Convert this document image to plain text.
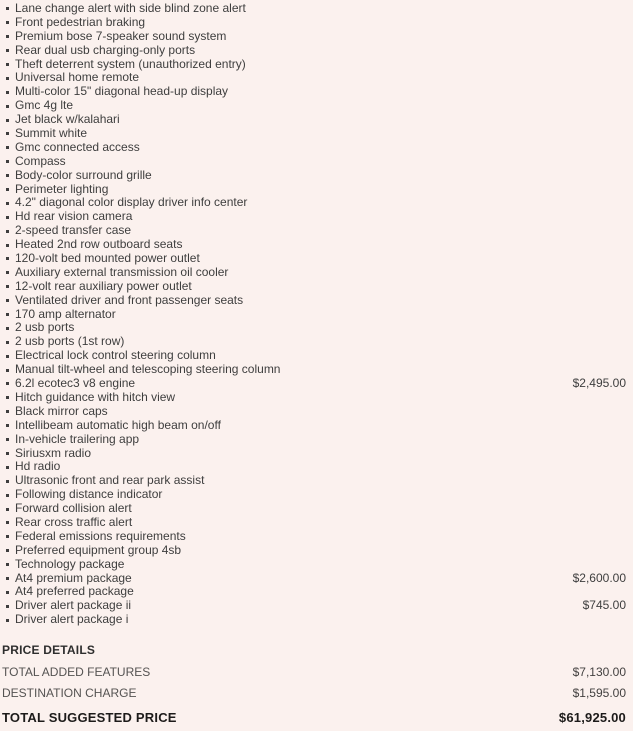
Lane change alert with side blind zone alert
Front pedestrian braking
Premium bose 7-speaker sound system
Rear dual usb charging-only ports
Theft deterrent system (unauthorized entry)
Universal home remote
Multi-color 15" diagonal head-up display
Gmc 4g lte
Jet black w/kalahari
Summit white
Gmc connected access
Compass
Body-color surround grille
Perimeter lighting
4.2" diagonal color display driver info center
Hd rear vision camera
2-speed transfer case
Heated 2nd row outboard seats
120-volt bed mounted power outlet
Auxiliary external transmission oil cooler
12-volt rear auxiliary power outlet
Ventilated driver and front passenger seats
170 amp alternator
2 usb ports
2 usb ports (1st row)
Electrical lock control steering column
Manual tilt-wheel and telescoping steering column
6.2l ecotec3 v8 engine	$2,495.00
Hitch guidance with hitch view
Black mirror caps
Intellibeam automatic high beam on/off
In-vehicle trailering app
Siriusxm radio
Hd radio
Ultrasonic front and rear park assist
Following distance indicator
Forward collision alert
Rear cross traffic alert
Federal emissions requirements
Preferred equipment group 4sb
Technology package
At4 premium package	$2,600.00
At4 preferred package
Driver alert package ii	$745.00
Driver alert package i
PRICE DETAILS
TOTAL ADDED FEATURES	$7,130.00
DESTINATION CHARGE	$1,595.00
TOTAL SUGGESTED PRICE	$61,925.00
